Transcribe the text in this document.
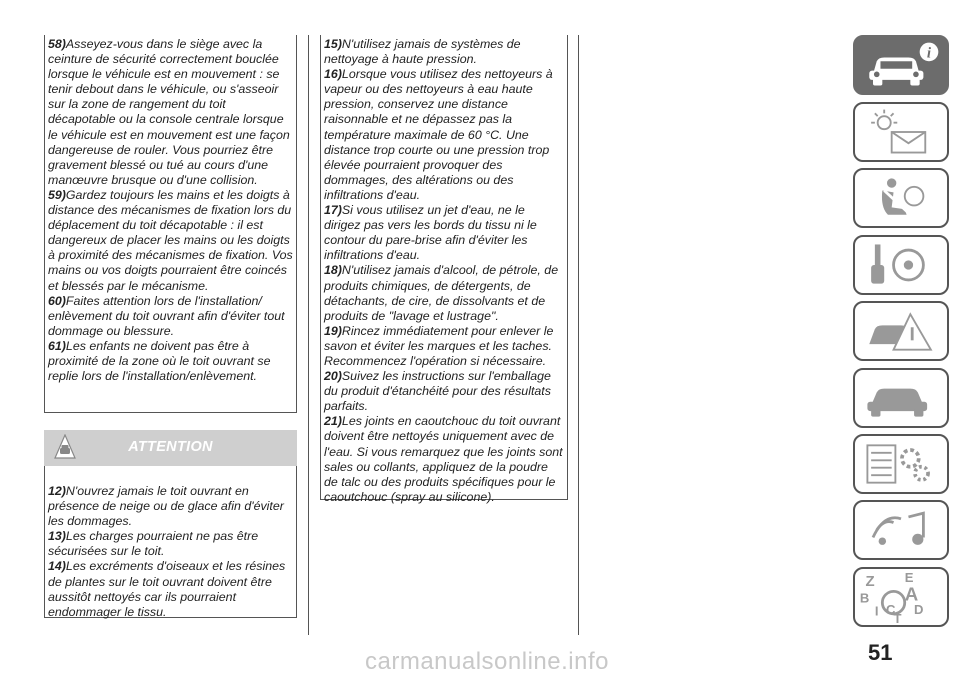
58)Asseyez-vous dans le siège avec la ceinture de sécurité correctement bouclée lorsque le véhicule est en mouvement : se tenir debout dans le véhicule, ou s'asseoir sur la zone de rangement du toit décapotable ou la console centrale lorsque le véhicule est en mouvement est une façon dangereuse de rouler. Vous pourriez être gravement blessé ou tué au cours d'une manœuvre brusque ou d'une collision.

59)Gardez toujours les mains et les doigts à distance des mécanismes de fixation lors du déplacement du toit décapotable : il est dangereux de placer les mains ou les doigts à proximité des mécanismes de fixation. Vos mains ou vos doigts pourraient être coincés et blessés par le mécanisme.

60)Faites attention lors de l'installation/ enlèvement du toit ouvrant afin d'éviter tout dommage ou blessure.

61)Les enfants ne doivent pas être à proximité de la zone où le toit ouvrant se replie lors de l'installation/enlèvement.

ATTENTION

12)N'ouvrez jamais le toit ouvrant en présence de neige ou de glace afin d'éviter les dommages.

13)Les charges pourraient ne pas être sécurisées sur le toit.

14)Les excréments d'oiseaux et les résines de plantes sur le toit ouvrant doivent être aussitôt nettoyés car ils pourraient endommager le tissu.

15)N'utilisez jamais de systèmes de nettoyage à haute pression.

16)Lorsque vous utilisez des nettoyeurs à vapeur ou des nettoyeurs à eau haute pression, conservez une distance raisonnable et ne dépassez pas la température maximale de 60 °C. Une distance trop courte ou une pression trop élevée pourraient provoquer des dommages, des altérations ou des infiltrations d'eau.

17)Si vous utilisez un jet d'eau, ne le dirigez pas vers les bords du tissu ni le contour du pare-brise afin d'éviter les infiltrations d'eau.

18)N'utilisez jamais d'alcool, de pétrole, de produits chimiques, de détergents, de détachants, de cire, de dissolvants et de produits de "lavage et lustrage".

19)Rincez immédiatement pour enlever le savon et éviter les marques et les taches. Recommencez l'opération si nécessaire.

20)Suivez les instructions sur l'emballage du produit d'étanchéité pour des résultats parfaits.

21)Les joints en caoutchouc du toit ouvrant doivent être nettoyés uniquement avec de l'eau. Si vous remarquez que les joints sont sales ou collants, appliquez de la poudre de talc ou des produits spécifiques pour le caoutchouc (spray au silicone).

i
Z E
B A
I C D
T
51
carmanualsonline.info
